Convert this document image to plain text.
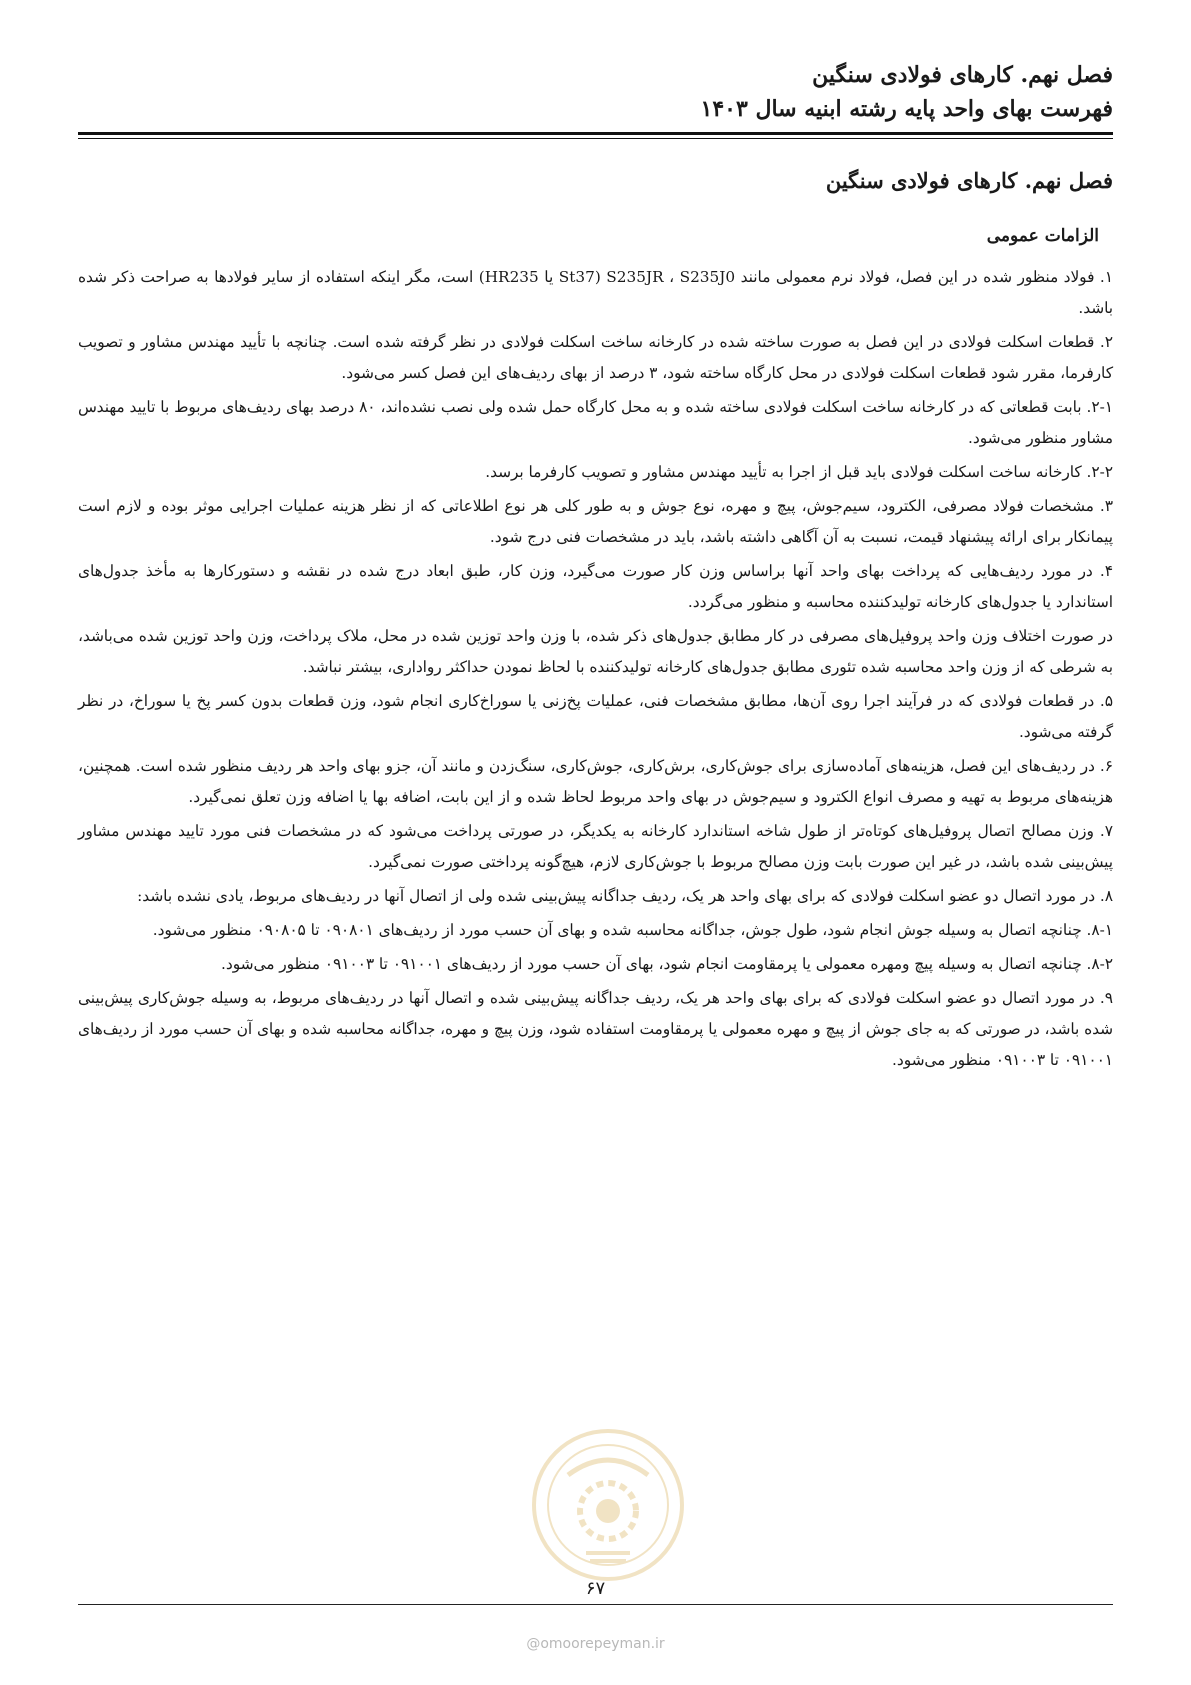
فصل نهم. کارهای فولادی سنگین
فهرست بهای واحد پایه رشته ابنیه سال ۱۴۰۳
فصل نهم. کارهای فولادی سنگین
الزامات عمومی

۱. فولاد منظور شده در این فصل، فولاد نرم معمولی مانند St37) S235JR ، S235J0 یا HR235) است، مگر اینکه استفاده از سایر فولادها به صراحت ذکر شده باشد.

۲. قطعات اسکلت فولادی در این فصل به صورت ساخته شده در کارخانه ساخت اسکلت فولادی در نظر گرفته شده است. چنانچه با تأیید مهندس مشاور و تصویب کارفرما، مقرر شود قطعات اسکلت فولادی در محل کارگاه ساخته شود، ۳ درصد از بهای ردیف‌های این فصل کسر می‌شود.

۲-۱. بابت قطعاتی که در کارخانه ساخت اسکلت فولادی ساخته شده و به محل کارگاه حمل شده ولی نصب نشده‌اند، ۸۰ درصد بهای ردیف‌های مربوط با تایید مهندس مشاور منظور می‌شود.

۲-۲. کارخانه ساخت اسکلت فولادی باید قبل از اجرا به تأیید مهندس مشاور و تصویب کارفرما برسد.

۳. مشخصات فولاد مصرفی، الکترود، سیم‌جوش، پیچ و مهره، نوع جوش و به طور کلی هر نوع اطلاعاتی که از نظر هزینه عملیات اجرایی موثر بوده و لازم است پیمانکار برای ارائه پیشنهاد قیمت، نسبت به آن آگاهی داشته باشد، باید در مشخصات فنی درج شود.

۴. در مورد ردیف‌هایی که پرداخت بهای واحد آنها براساس وزن کار صورت می‌گیرد، وزن کار، طبق ابعاد درج شده در نقشه و دستورکارها به مأخذ جدول‌های استاندارد یا جدول‌های کارخانه تولیدکننده محاسبه و منظور می‌گردد.

در صورت اختلاف وزن واحد پروفیل‌های مصرفی در کار مطابق جدول‌های ذکر شده، با وزن واحد توزین شده در محل، ملاک پرداخت، وزن واحد توزین شده می‌باشد، به شرطی که از وزن واحد محاسبه شده تئوری مطابق جدول‌های کارخانه تولیدکننده با لحاظ نمودن حداکثر رواداری، بیشتر نباشد.

۵. در قطعات فولادی که در فرآیند اجرا روی آن‌ها، مطابق مشخصات فنی، عملیات پخ‌زنی یا سوراخ‌کاری انجام شود، وزن قطعات بدون کسر پخ یا سوراخ، در نظر گرفته می‌شود.

۶. در ردیف‌های این فصل، هزینه‌های آماده‌سازی برای جوش‌کاری، برش‌کاری، جوش‌کاری، سنگ‌زدن و مانند آن، جزو بهای واحد هر ردیف منظور شده است. همچنین، هزینه‌های مربوط به تهیه و مصرف انواع الکترود و سیم‌جوش در بهای واحد مربوط لحاظ شده و از این بابت، اضافه بها یا اضافه وزن تعلق نمی‌گیرد.

۷. وزن مصالح اتصال پروفیل‌های کوتاه‌تر از طول شاخه استاندارد کارخانه به یکدیگر، در صورتی پرداخت می‌شود که در مشخصات فنی مورد تایید مهندس مشاور پیش‌بینی شده باشد، در غیر این صورت بابت وزن مصالح مربوط با جوش‌کاری لازم، هیچ‌گونه پرداختی صورت نمی‌گیرد.

۸. در مورد اتصال دو عضو اسکلت فولادی که برای بهای واحد هر یک، ردیف جداگانه پیش‌بینی شده ولی از اتصال آنها در ردیف‌های مربوط، یادی نشده باشد:

۸-۱. چنانچه اتصال به وسیله جوش انجام شود، طول جوش، جداگانه محاسبه شده و بهای آن حسب مورد از ردیف‌های ۰۹۰۸۰۱ تا ۰۹۰۸۰۵ منظور می‌شود.

۸-۲. چنانچه اتصال به وسیله پیچ ومهره معمولی یا پرمقاومت انجام شود، بهای آن حسب مورد از ردیف‌های ۰۹۱۰۰۱ تا ۰۹۱۰۰۳ منظور می‌شود.

۹. در مورد اتصال دو عضو اسکلت فولادی که برای بهای واحد هر یک، ردیف جداگانه پیش‌بینی شده و اتصال آنها در ردیف‌های مربوط، به وسیله جوش‌کاری پیش‌بینی شده باشد، در صورتی که به جای جوش از پیچ و مهره معمولی یا پرمقاومت استفاده شود، وزن پیچ و مهره، جداگانه محاسبه شده و بهای آن حسب مورد از ردیف‌های ۰۹۱۰۰۱ تا ۰۹۱۰۰۳ منظور می‌شود.

۶۷
@omoorepeyman.ir
